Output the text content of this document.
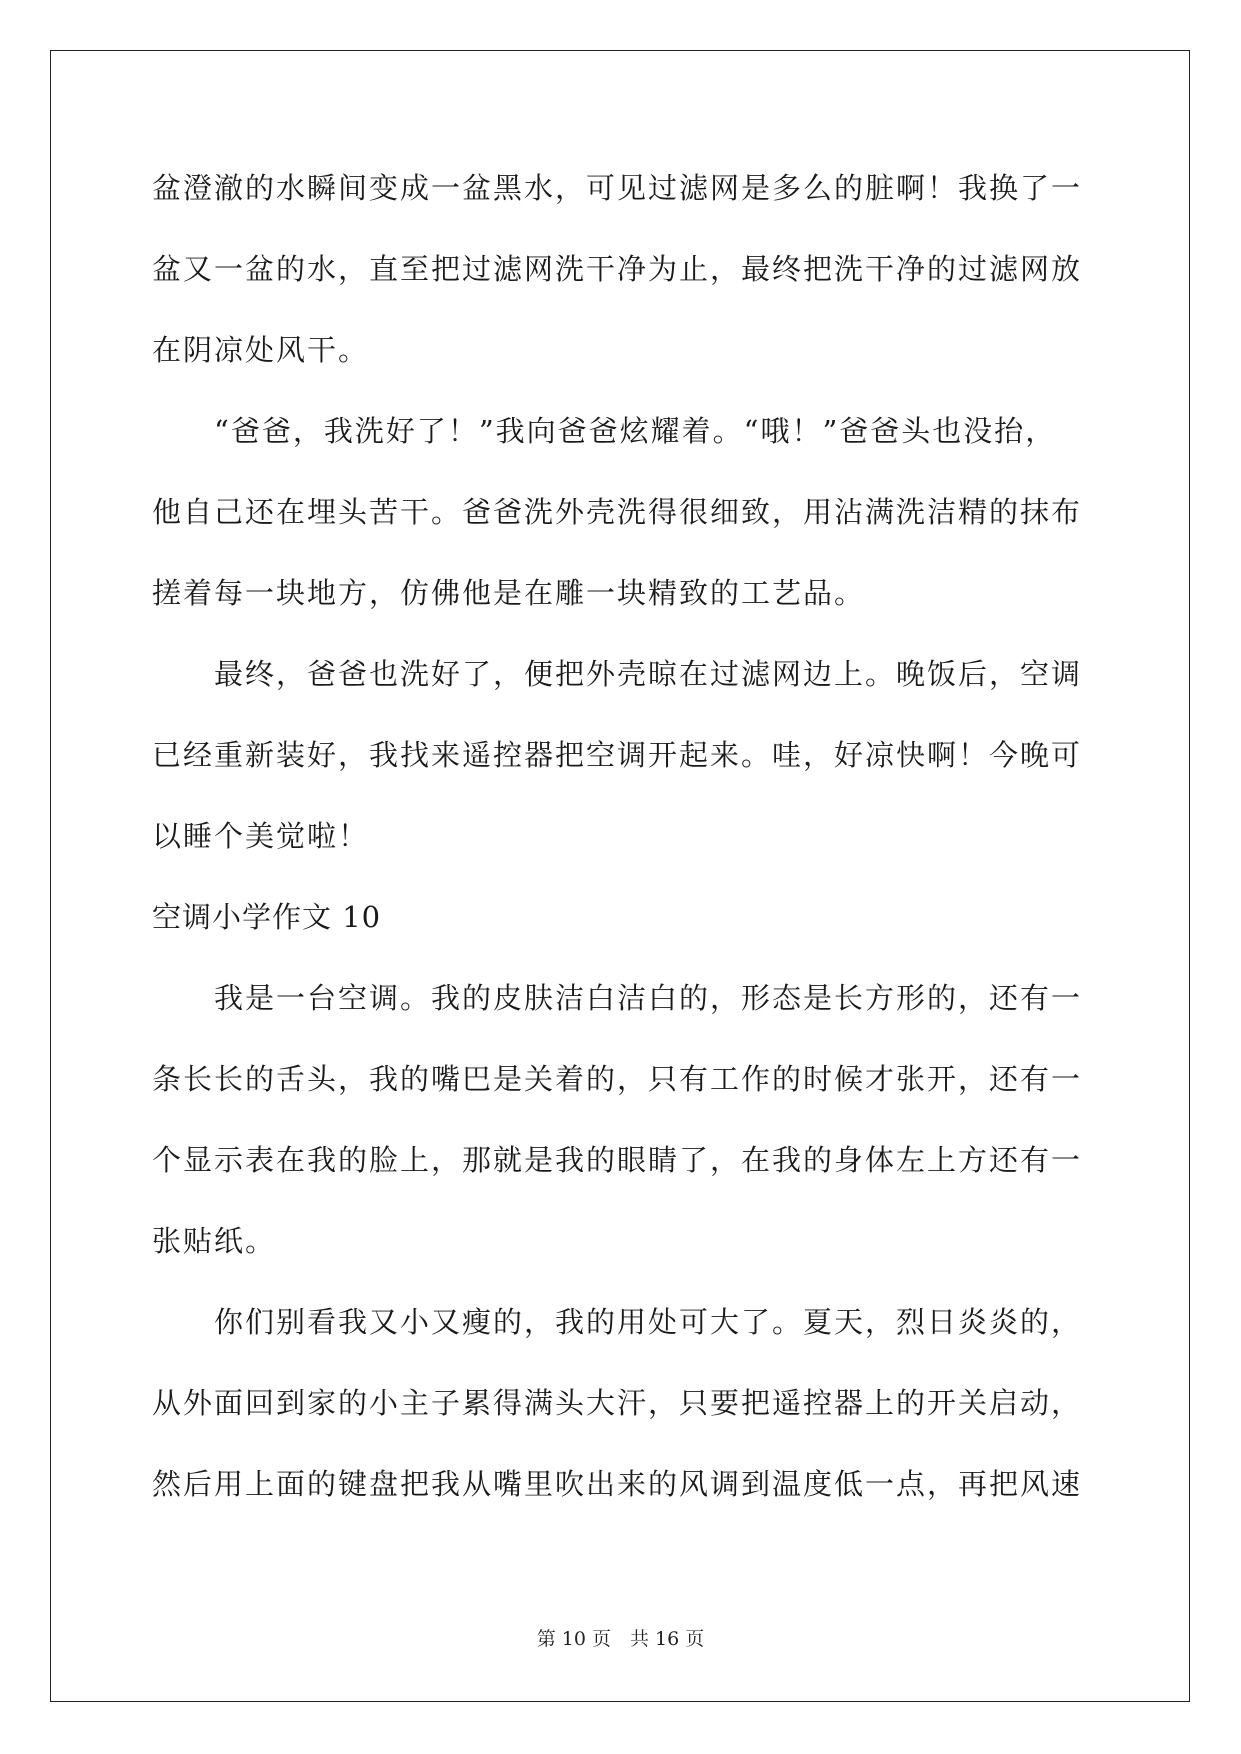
盆澄澈的水瞬间变成一盆黑水，可见过滤网是多么的脏啊！我换了一
盆又一盆的水，直至把过滤网洗干净为止，最终把洗干净的过滤网放
在阴凉处风干。
“爸爸，我洗好了！”我向爸爸炫耀着。“哦！”爸爸头也没抬，
他自己还在埋头苦干。爸爸洗外壳洗得很细致，用沾满洗洁精的抹布
搓着每一块地方，仿佛他是在雕一块精致的工艺品。
最终，爸爸也洗好了，便把外壳晾在过滤网边上。晚饭后，空调
已经重新装好，我找来遥控器把空调开起来。哇，好凉快啊！今晚可
以睡个美觉啦！
空调小学作文 10
我是一台空调。我的皮肤洁白洁白的，形态是长方形的，还有一
条长长的舌头，我的嘴巴是关着的，只有工作的时候才张开，还有一
个显示表在我的脸上，那就是我的眼睛了，在我的身体左上方还有一
张贴纸。
你们别看我又小又瘦的，我的用处可大了。夏天，烈日炎炎的，
从外面回到家的小主子累得满头大汗，只要把遥控器上的开关启动，
然后用上面的键盘把我从嘴里吹出来的风调到温度低一点，再把风速
第 10 页　共 16 页
